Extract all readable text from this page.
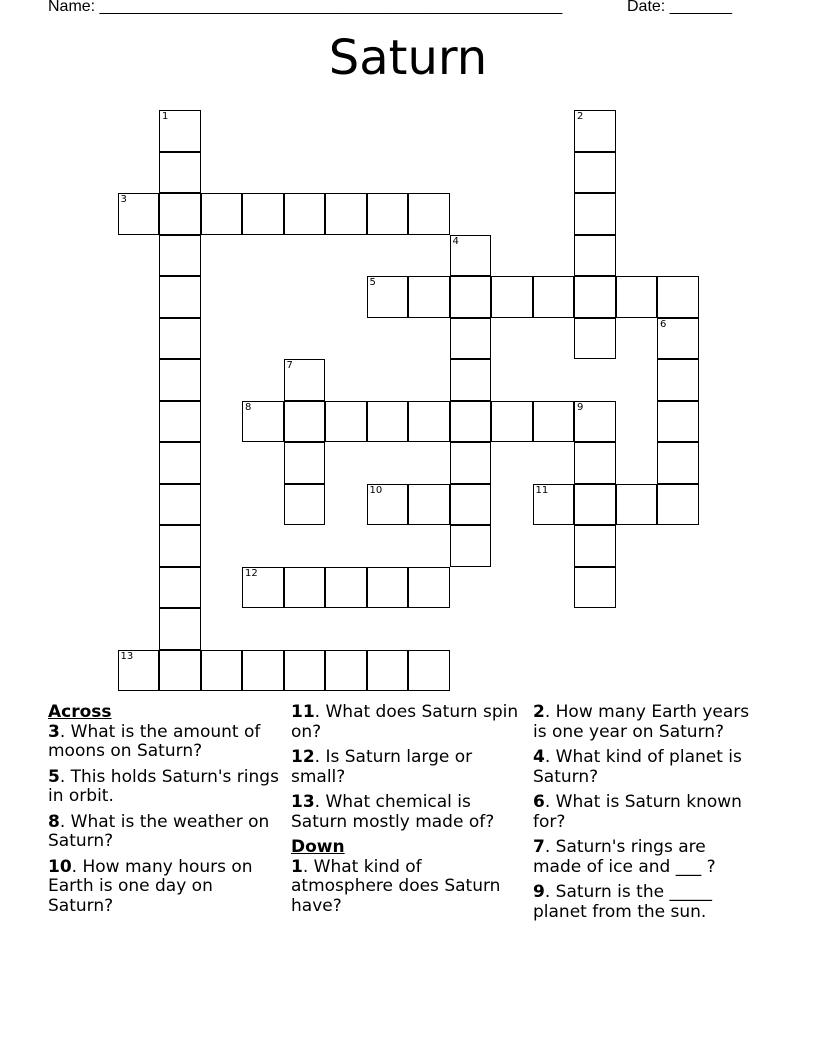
Name: ____________________________________________________	Date: _______
Saturn
3
5
8	9
10	11
12
13
1	2
4
6
7
Across
3. What is the amount of moons on Saturn?
5. This holds Saturn's rings in orbit.
8. What is the weather on Saturn?
10. How many hours on Earth is one day on Saturn?
11. What does Saturn spin on?
12. Is Saturn large or small?
13. What chemical is Saturn mostly made of?
Down
1. What kind of atmosphere does Saturn have?
2. How many Earth years is one year on Saturn?
4. What kind of planet is Saturn?
6. What is Saturn known for?
7. Saturn's rings are made of ice and ___ ?
9. Saturn is the _____ planet from the sun.
